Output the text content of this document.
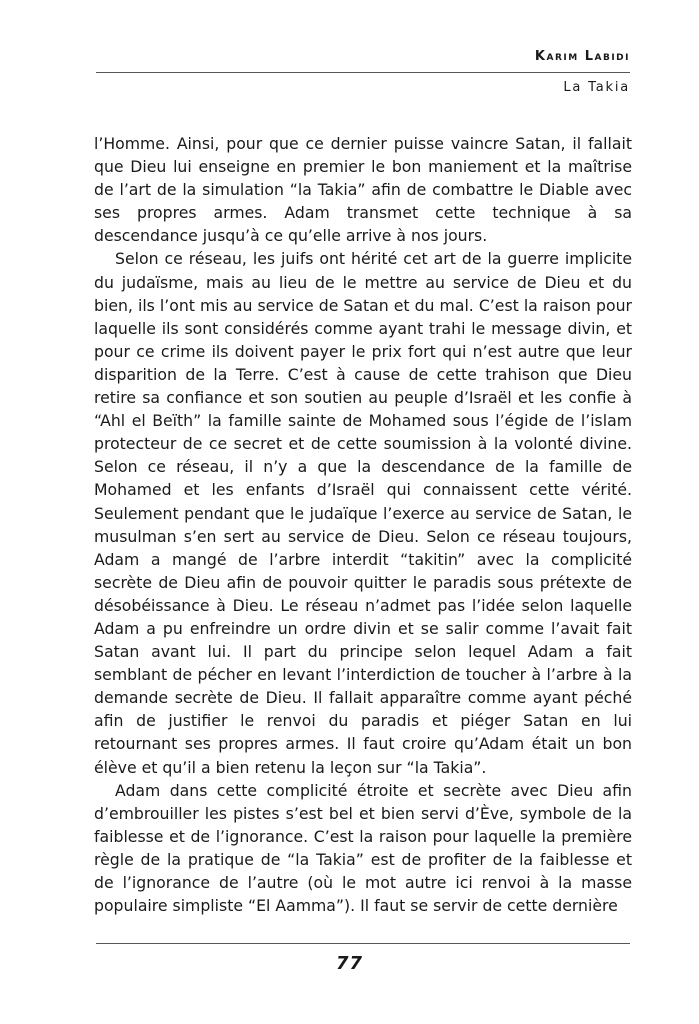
Karim Labidi
La Takia

l’Homme. Ainsi, pour que ce dernier puisse vaincre Satan, il fallait que Dieu lui enseigne en premier le bon maniement et la maîtrise de l’art de la simulation “la Takia” afin de combattre le Diable avec ses propres armes. Adam transmet cette technique à sa descendance jusqu’à ce qu’elle arrive à nos jours.

Selon ce réseau, les juifs ont hérité cet art de la guerre implicite du judaïsme, mais au lieu de le mettre au service de Dieu et du bien, ils l’ont mis au service de Satan et du mal. C’est la raison pour laquelle ils sont considérés comme ayant trahi le message divin, et pour ce crime ils doivent payer le prix fort qui n’est autre que leur disparition de la Terre. C’est à cause de cette trahison que Dieu retire sa confiance et son soutien au peuple d’Israël et les confie à “Ahl el Beïth” la famille sainte de Mohamed sous l’égide de l’islam protecteur de ce secret et de cette soumission à la volonté divine. Selon ce réseau, il n’y a que la descendance de la famille de Mohamed et les enfants d’Israël qui connaissent cette vérité. Seulement pendant que le judaïque l’exerce au service de Satan, le musulman s’en sert au service de Dieu. Selon ce réseau toujours, Adam a mangé de l’arbre interdit “takitin” avec la complicité secrète de Dieu afin de pouvoir quitter le paradis sous prétexte de désobéissance à Dieu. Le réseau n’admet pas l’idée selon laquelle Adam a pu enfreindre un ordre divin et se salir comme l’avait fait Satan avant lui. Il part du principe selon lequel Adam a fait semblant de pécher en levant l’interdiction de toucher à l’arbre à la demande secrète de Dieu. Il fallait apparaître comme ayant péché afin de justifier le renvoi du paradis et piéger Satan en lui retournant ses propres armes. Il faut croire qu’Adam était un bon élève et qu’il a bien retenu la leçon sur “la Takia”.

Adam dans cette complicité étroite et secrète avec Dieu afin d’embrouiller les pistes s’est bel et bien servi d’Ève, symbole de la faiblesse et de l’ignorance. C’est la raison pour laquelle la première règle de la pratique de “la Takia” est de profiter de la faiblesse et de l’ignorance de l’autre (où le mot autre ici renvoi à la masse populaire simpliste “El Aamma”). Il faut se servir de cette dernière

77
